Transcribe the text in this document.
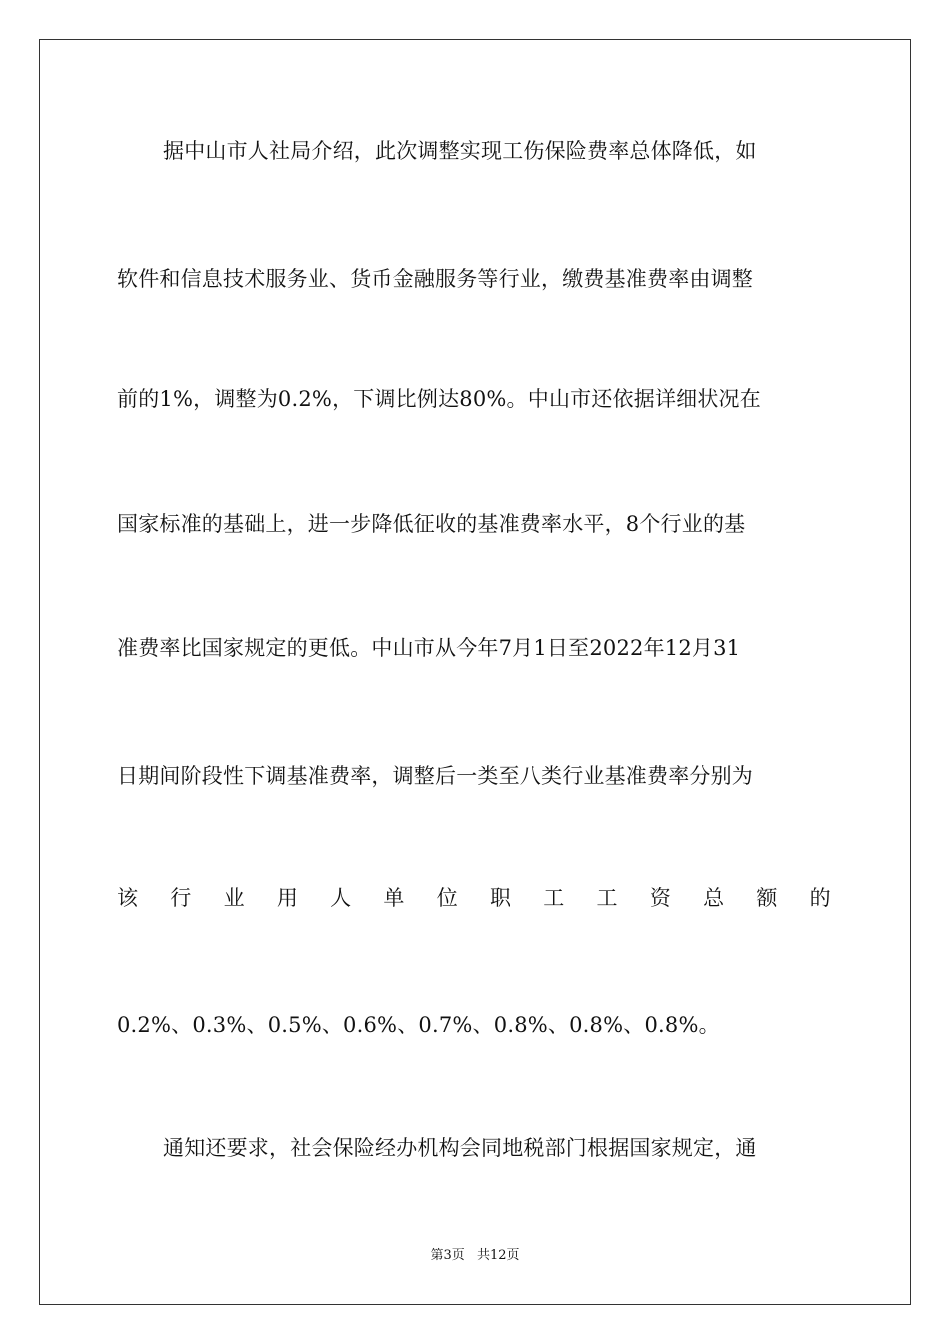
据中山市人社局介绍，此次调整实现工伤保险费率总体降低，如
软件和信息技术服务业、货币金融服务等行业，缴费基准费率由调整
前的1%，调整为0.2%，下调比例达80%。中山市还依据详细状况在
国家标准的基础上，进一步降低征收的基准费率水平，8个行业的基
准费率比国家规定的更低。中山市从今年7月1日至2022年12月31
日期间阶段性下调基准费率，调整后一类至八类行业基准费率分别为
该 行 业 用 人 单 位 职 工 工 资 总 额 的
0.2%、0.3%、0.5%、0.6%、0.7%、0.8%、0.8%、0.8%。
通知还要求，社会保险经办机构会同地税部门根据国家规定，通
第3页 共12页
